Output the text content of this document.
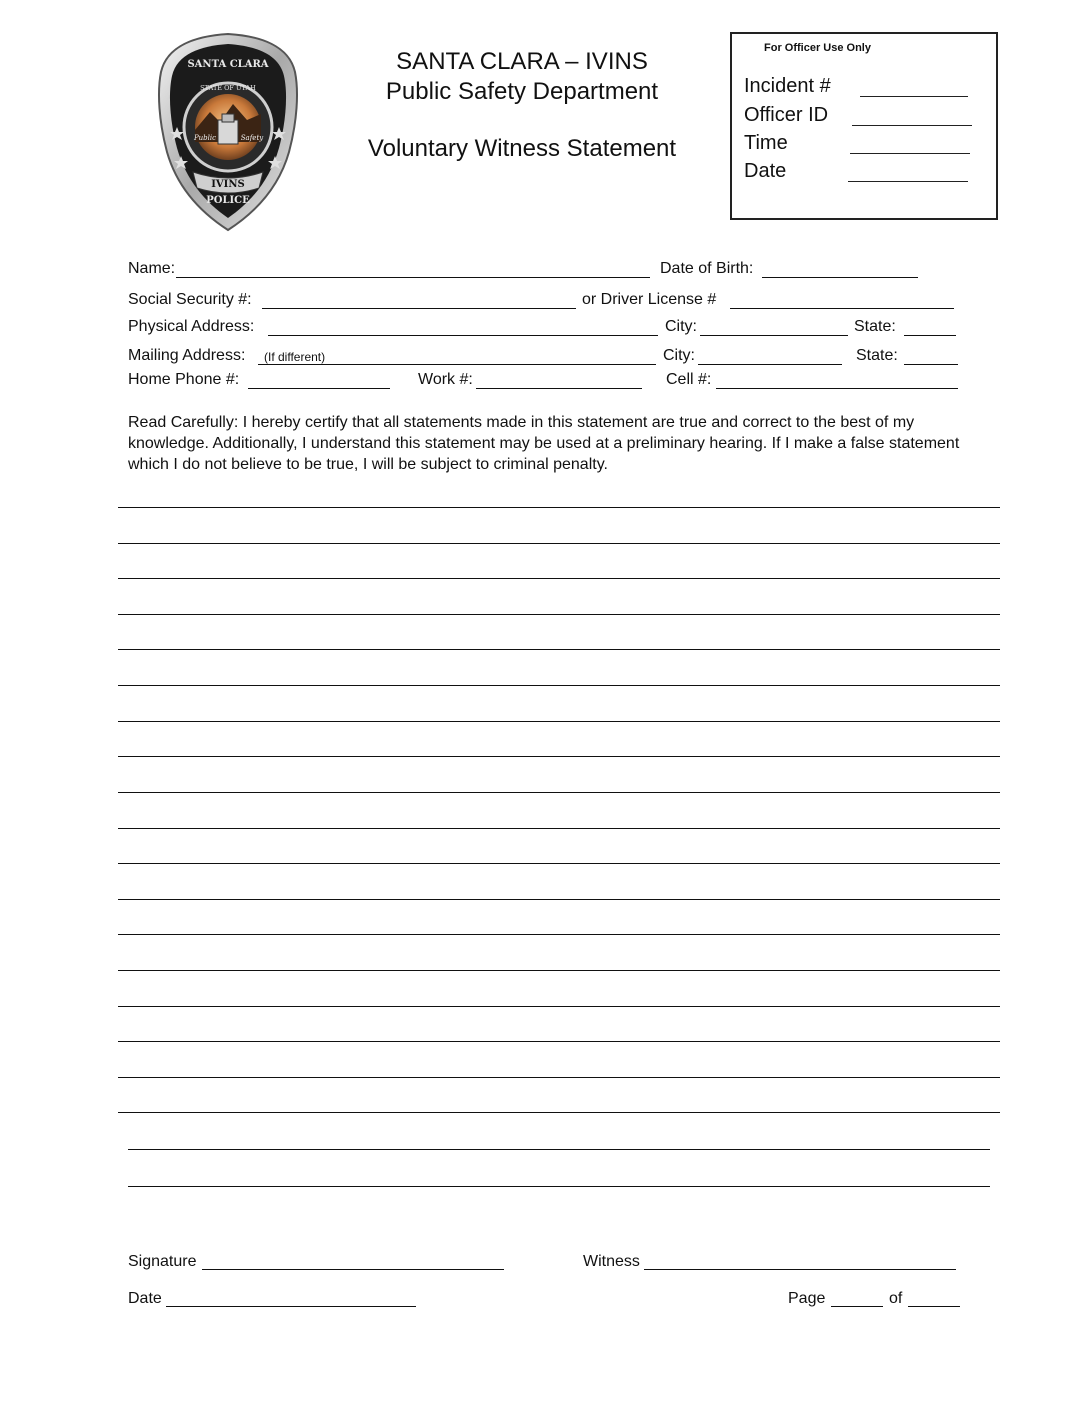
SANTA CLARA
STATE OF UTAH
Public	Safety
IVINS
POLICE
SANTA CLARA – IVINS
Public Safety Department
Voluntary Witness Statement
For Officer Use Only
Incident #
Officer ID
Time
Date
Name:	Date of Birth:
Social Security #:	or Driver License #
Physical Address:	City:	State:
Mailing Address: (If different)	City:	State:
Home Phone #:	Work #:	Cell #:
Read Carefully: I hereby certify that all statements made in this statement are true and correct to the best of my knowledge. Additionally, I understand this statement may be used at a preliminary hearing. If I make a false statement which I do not believe to be true, I will be subject to criminal penalty.
Signature	Witness
Date	Page	of
